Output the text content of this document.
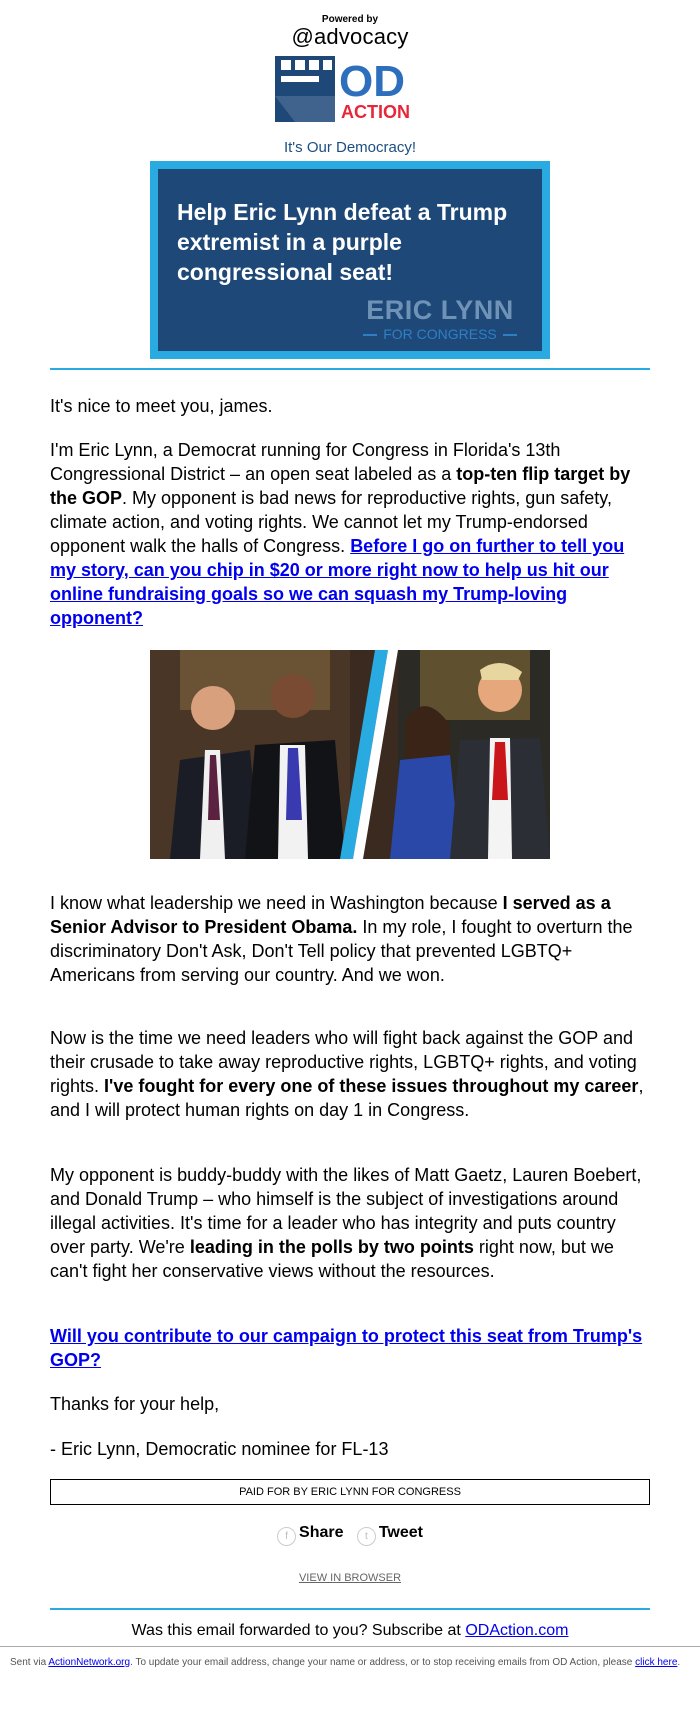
Powered by
@advocacy
OD
ACTION
It's Our Democracy!
Help Eric Lynn defeat a Trump extremist in a purple congressional seat!
ERIC LYNN
FOR CONGRESS

It's nice to meet you, james.

I'm Eric Lynn, a Democrat running for Congress in Florida's 13th Congressional District – an open seat labeled as a top-ten flip target by the GOP. My opponent is bad news for reproductive rights, gun safety, climate action, and voting rights. We cannot let my Trump-endorsed opponent walk the halls of Congress. Before I go on further to tell you my story, can you chip in $20 or more right now to help us hit our online fundraising goals so we can squash my Trump-loving opponent?

I know what leadership we need in Washington because I served as a Senior Advisor to President Obama. In my role, I fought to overturn the discriminatory Don't Ask, Don't Tell policy that prevented LGBTQ+ Americans from serving our country. And we won.

Now is the time we need leaders who will fight back against the GOP and their crusade to take away reproductive rights, LGBTQ+ rights, and voting rights. I've fought for every one of these issues throughout my career, and I will protect human rights on day 1 in Congress.

My opponent is buddy-buddy with the likes of Matt Gaetz, Lauren Boebert, and Donald Trump – who himself is the subject of investigations around illegal activities. It's time for a leader who has integrity and puts country over party. We're leading in the polls by two points right now, but we can't fight her conservative views without the resources.

Will you contribute to our campaign to protect this seat from Trump's GOP?

Thanks for your help,

- Eric Lynn, Democratic nominee for FL-13

PAID FOR BY ERIC LYNN FOR CONGRESS
f Share t Tweet
VIEW IN BROWSER
Was this email forwarded to you? Subscribe at ODAction.com
Sent via ActionNetwork.org. To update your email address, change your name or address, or to stop receiving emails from OD Action, please click here.
